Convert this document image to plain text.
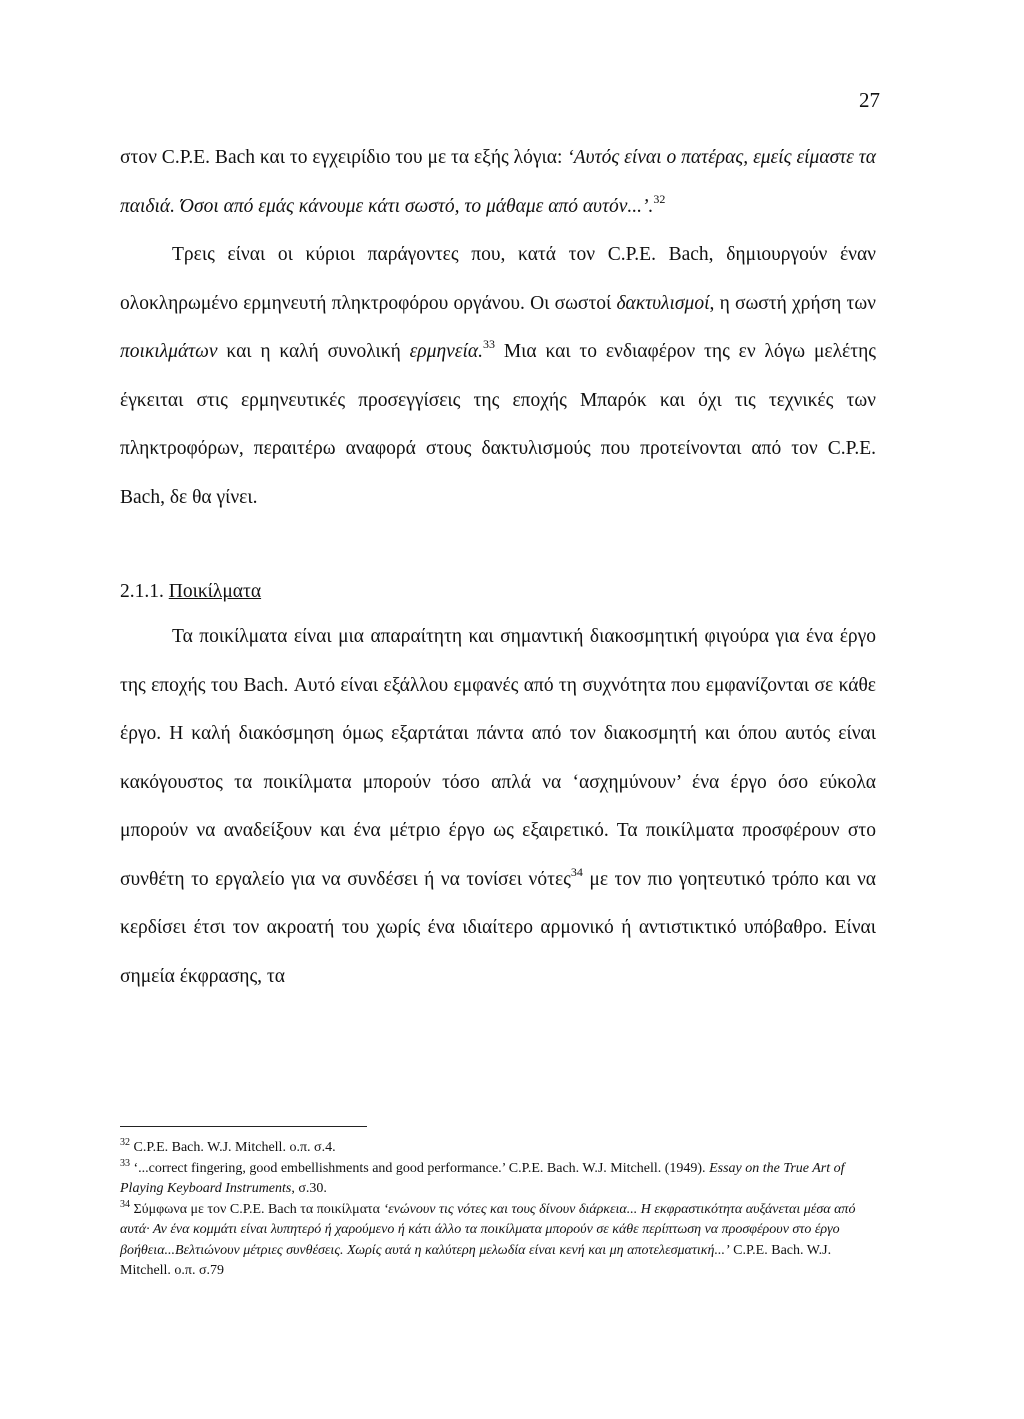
27

στον C.P.E. Bach και το εγχειρίδιο του με τα εξής λόγια: ‘Αυτός είναι ο πατέρας, εμείς είμαστε τα παιδιά. Όσοι από εμάς κάνουμε κάτι σωστό, το μάθαμε από αυτόν...’.$^{32}$

Τρεις είναι οι κύριοι παράγοντες που, κατά τον C.P.E. Bach, δημιουργούν έναν ολοκληρωμένο ερμηνευτή πληκτροφόρου οργάνου. Οι σωστοί δακτυλισμοί, η σωστή χρήση των ποικιλμάτων και η καλή συνολική ερμηνεία.$^{33}$ Μια και το ενδιαφέρον της εν λόγω μελέτης έγκειται στις ερμηνευτικές προσεγγίσεις της εποχής Μπαρόκ και όχι τις τεχνικές των πληκτροφόρων, περαιτέρω αναφορά στους δακτυλισμούς που προτείνονται από τον C.P.E. Bach, δε θα γίνει.

2.1.1. Ποικίλματα

Τα ποικίλματα είναι μια απαραίτητη και σημαντική διακοσμητική φιγούρα για ένα έργο της εποχής του Bach. Αυτό είναι εξάλλου εμφανές από τη συχνότητα που εμφανίζονται σε κάθε έργο. Η καλή διακόσμηση όμως εξαρτάται πάντα από τον διακοσμητή και όπου αυτός είναι κακόγουστος τα ποικίλματα μπορούν τόσο απλά να ‘ασχημύνουν’ ένα έργο όσο εύκολα μπορούν να αναδείξουν και ένα μέτριο έργο ως εξαιρετικό. Τα ποικίλματα προσφέρουν στο συνθέτη το εργαλείο για να συνδέσει ή να τονίσει νότες$^{34}$ με τον πιο γοητευτικό τρόπο και να κερδίσει έτσι τον ακροατή του χωρίς ένα ιδιαίτερο αρμονικό ή αντιστικτικό υπόβαθρο. Είναι σημεία έκφρασης, τα

$^{32}$ C.P.E. Bach. W.J. Mitchell. ο.π. σ.4.

$^{33}$ ‘...correct fingering, good embellishments and good performance.’ C.P.E. Bach. W.J. Mitchell. (1949). Essay on the True Art of Playing Keyboard Instruments, σ.30.

$^{34}$ Σύμφωνα με τον C.P.E. Bach τα ποικίλματα ‘ενώνουν τις νότες και τους δίνουν διάρκεια... Η εκφραστικότητα αυξάνεται μέσα από αυτά· Αν ένα κομμάτι είναι λυπητερό ή χαρούμενο ή κάτι άλλο τα ποικίλματα μπορούν σε κάθε περίπτωση να προσφέρουν στο έργο βοήθεια...Βελτιώνουν μέτριες συνθέσεις. Χωρίς αυτά η καλύτερη μελωδία είναι κενή και μη αποτελεσματική...’ C.P.E. Bach. W.J. Mitchell. ο.π. σ.79
